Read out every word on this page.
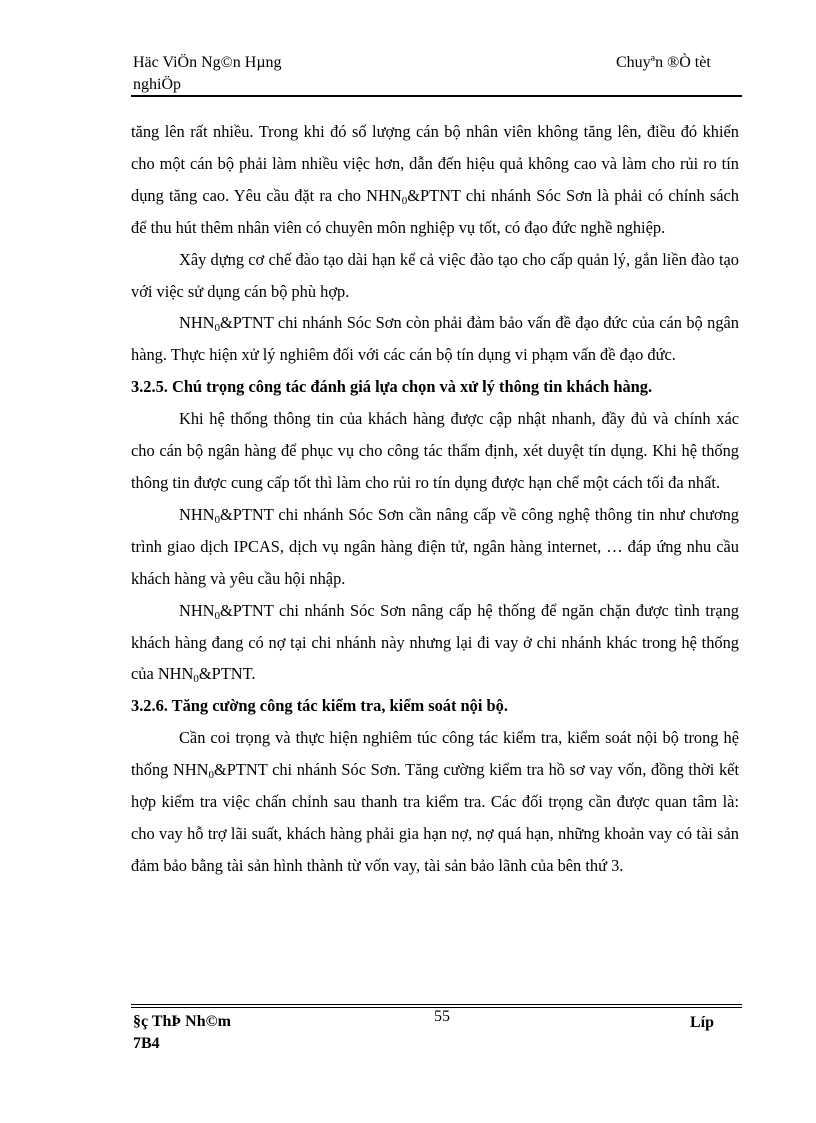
Häc ViÖn Ng©n Hµng
nghiÖp
Chuyªn ®Ò tèt

tăng lên rất nhiều. Trong khi đó số lượng cán bộ nhân viên không tăng lên, điều đó khiến cho một cán bộ phải làm nhiều việc hơn, dẫn đến hiệu quả không cao và làm cho rủi ro tín dụng tăng cao. Yêu cầu đặt ra cho $NHN_0\&PTNT$ chi nhánh Sóc Sơn là phải có chính sách để thu hút thêm nhân viên có chuyên môn nghiệp vụ tốt, có đạo đức nghề nghiệp.

Xây dựng cơ chế đào tạo dài hạn kể cả việc đào tạo cho cấp quản lý, gắn liền đào tạo với việc sử dụng cán bộ phù hợp.

$NHN_0\&PTNT$ chi nhánh Sóc Sơn còn phải đảm bảo vấn đề đạo đức của cán bộ ngân hàng. Thực hiện xử lý nghiêm đối với các cán bộ tín dụng vi phạm vấn đề đạo đức.

3.2.5. Chú trọng công tác đánh giá lựa chọn và xử lý thông tin khách hàng.

Khi hệ thống thông tin của khách hàng được cập nhật nhanh, đầy đủ và chính xác cho cán bộ ngân hàng để phục vụ cho công tác thẩm định, xét duyệt tín dụng. Khi hệ thống thông tin được cung cấp tốt thì làm cho rủi ro tín dụng được hạn chế một cách tối đa nhất.

$NHN_0\&PTNT$ chi nhánh Sóc Sơn cần nâng cấp về công nghệ thông tin như chương trình giao dịch IPCAS, dịch vụ ngân hàng điện tử, ngân hàng internet, … đáp ứng nhu cầu khách hàng và yêu cầu hội nhập.

$NHN_0\&PTNT$ chi nhánh Sóc Sơn nâng cấp hệ thống để ngăn chặn được tình trạng khách hàng đang có nợ tại chi nhánh này nhưng lại đi vay ở chi nhánh khác trong hệ thống của $NHN_0\&PTNT$.

3.2.6. Tăng cường công tác kiểm tra, kiểm soát nội bộ.

Cần coi trọng và thực hiện nghiêm túc công tác kiểm tra, kiểm soát nội bộ trong hệ thống $NHN_0\&PTNT$ chi nhánh Sóc Sơn. Tăng cường kiểm tra hồ sơ vay vốn, đồng thời kết hợp kiểm tra việc chấn chỉnh sau thanh tra kiểm tra. Các đối trọng cần được quan tâm là: cho vay hỗ trợ lãi suất, khách hàng phải gia hạn nợ, nợ quá hạn, những khoản vay có tài sản đảm bảo bằng tài sản hình thành từ vốn vay, tài sản bảo lãnh của bên thứ 3.

§ç ThÞ Nh©m	55	Líp
7B4
